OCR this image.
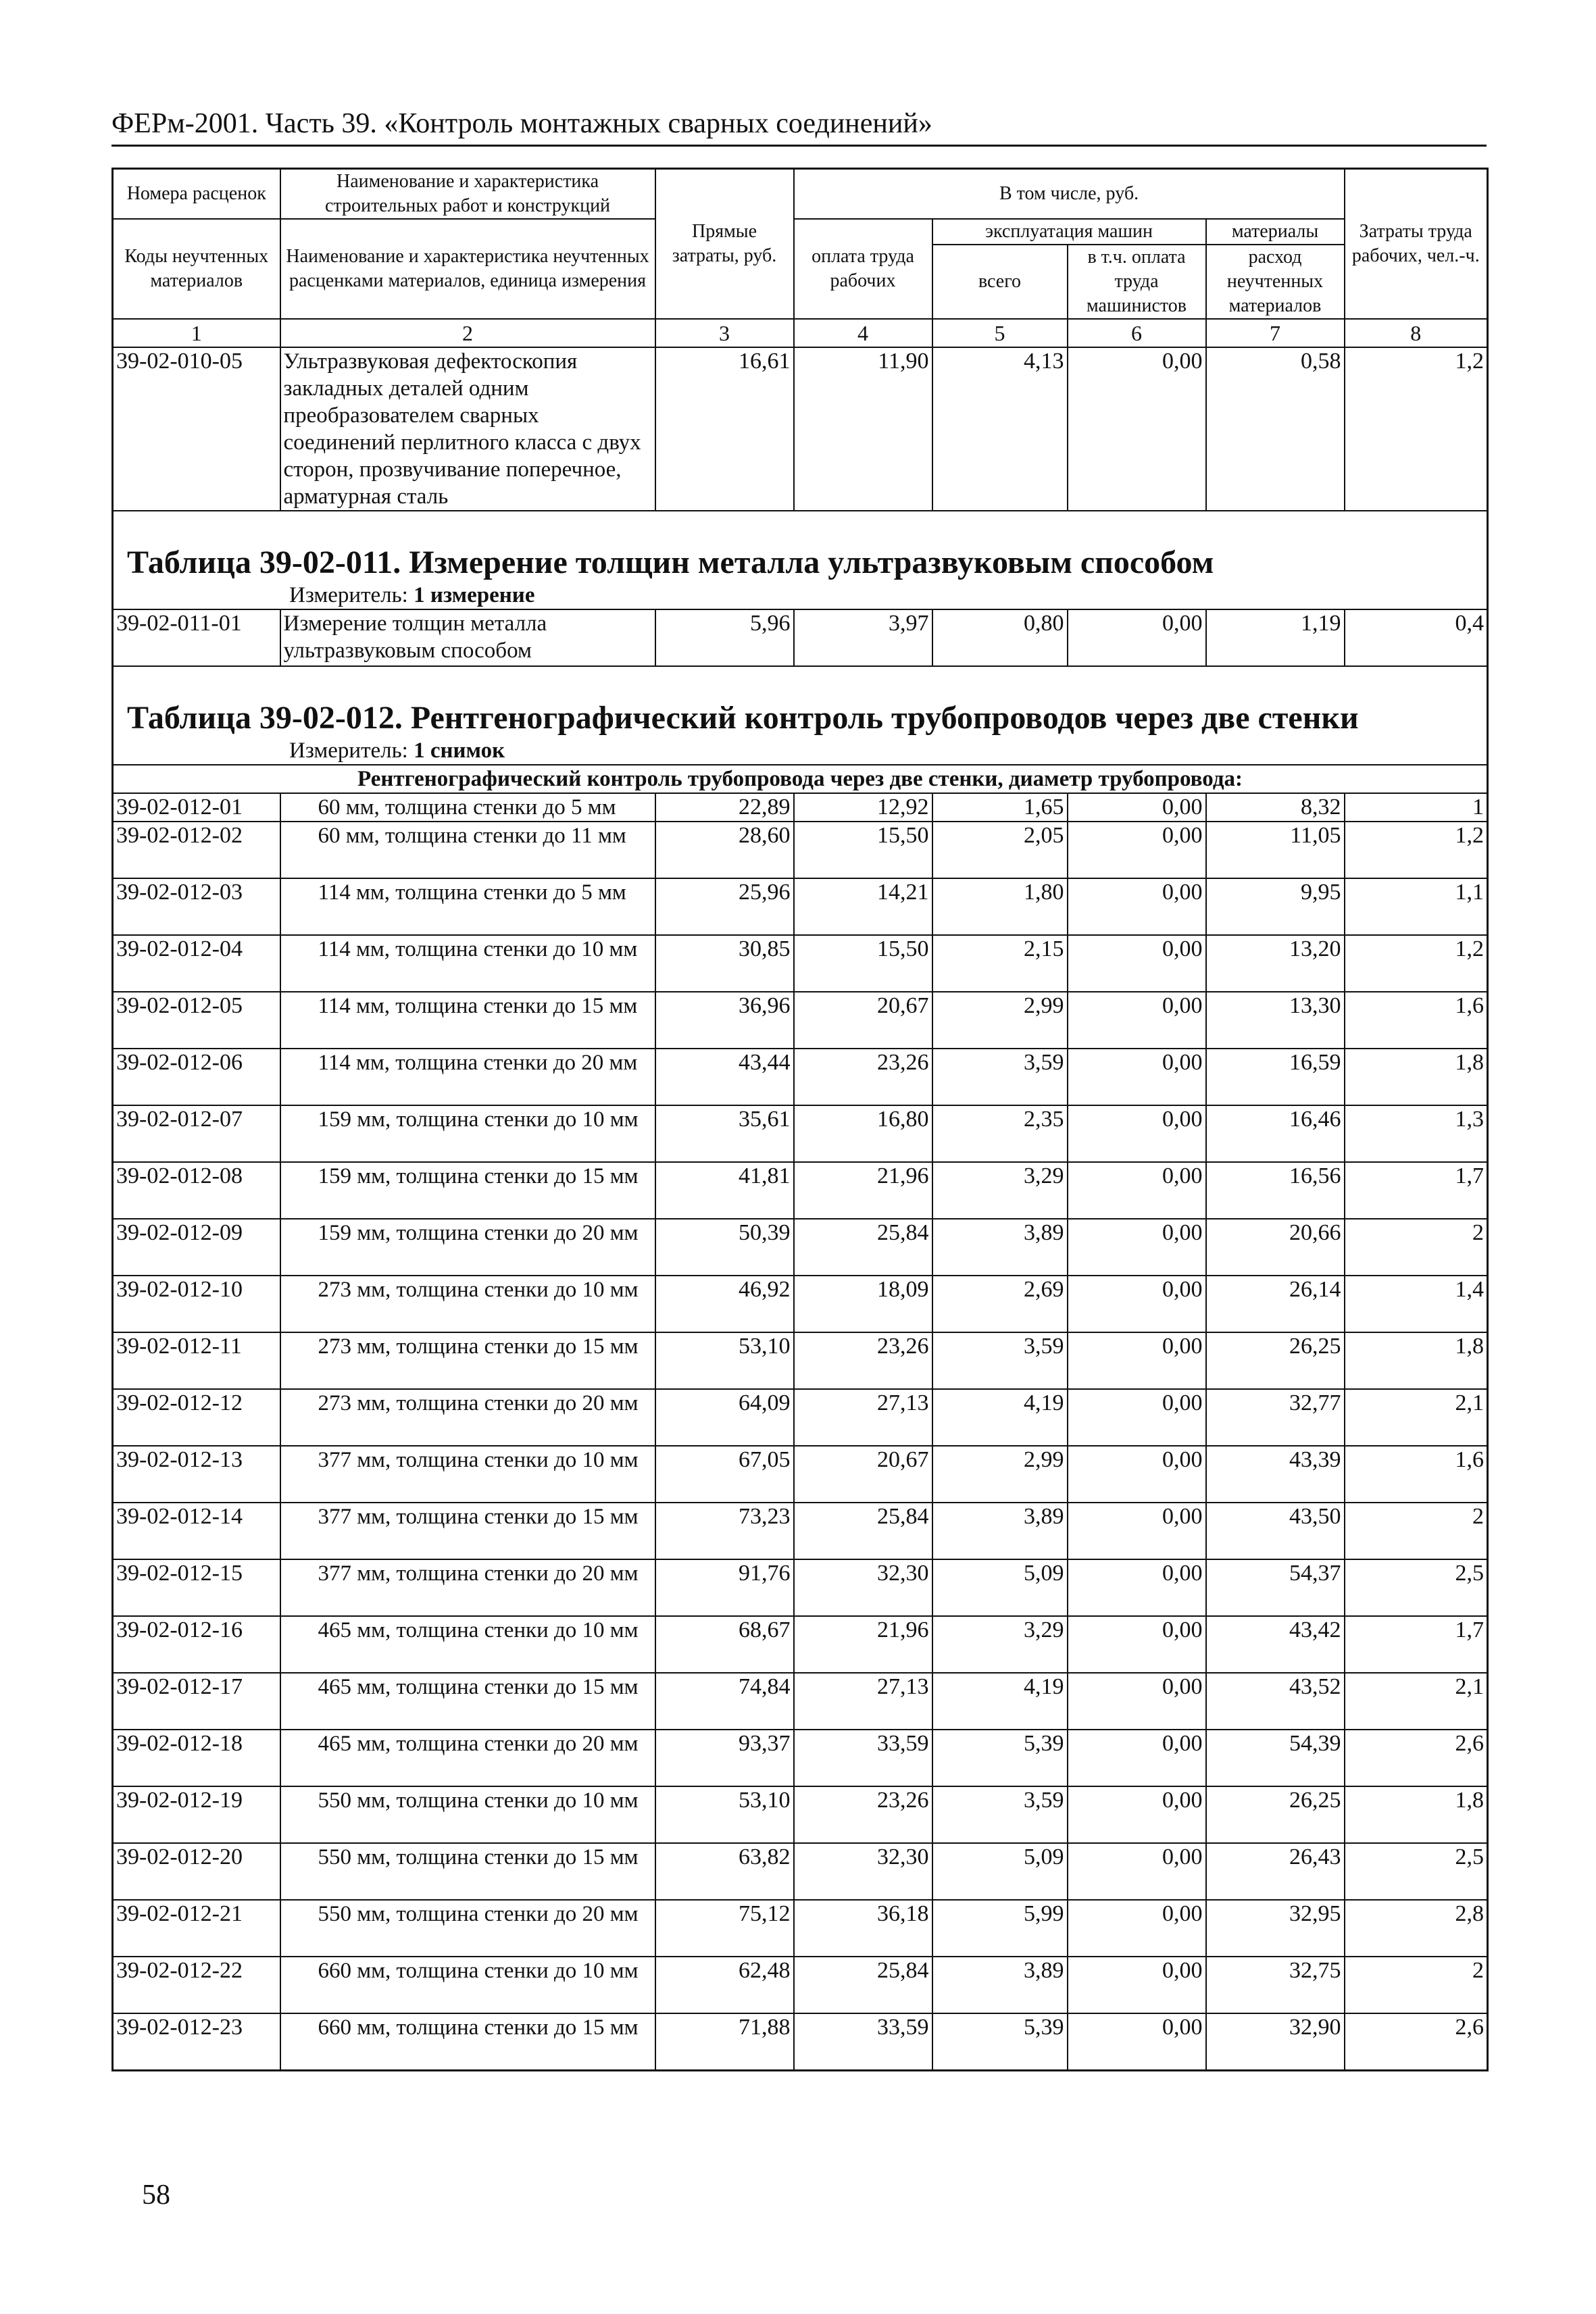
ФЕРм-2001. Часть 39. «Контроль монтажных сварных соединений»
Номера расценок	Наименование и характеристика строительных работ и конструкций	Прямые затраты, руб.	В том числе, руб.				Затраты труда рабочих, чел.-ч.
Коды неучтенных материалов	Наименование и характеристика неучтенных расценками материалов, единица измерения		оплата труда рабочих	эксплуатация машин		материалы	
				всего	в т.ч. оплата труда машинистов	расход неучтенных материалов	
1	2	3	4	5	6	7	8
39-02-010-05	Ультразвуковая дефектоскопия закладных деталей одним преобразователем сварных соединений перлитного класса с двух сторон, прозвучивание поперечное, арматурная сталь	16,61	11,90	4,13	0,00	0,58	1,2
Таблица 39-02-011. Измерение толщин металла ультразвуковым способом							
Измеритель: 1 измерение							
39-02-011-01	Измерение толщин металла ультразвуковым способом	5,96	3,97	0,80	0,00	1,19	0,4
Таблица 39-02-012. Рентгенографический контроль трубопроводов через две стенки							
Измеритель: 1 снимок							
Рентгенографический контроль трубопровода через две стенки, диаметр трубопровода:							
39-02-012-01	60 мм, толщина стенки до 5 мм	22,89	12,92	1,65	0,00	8,32	1
39-02-012-02	60 мм, толщина стенки до 11 мм	28,60	15,50	2,05	0,00	11,05	1,2
39-02-012-03	114 мм, толщина стенки до 5 мм	25,96	14,21	1,80	0,00	9,95	1,1
39-02-012-04	114 мм, толщина стенки до 10 мм	30,85	15,50	2,15	0,00	13,20	1,2
39-02-012-05	114 мм, толщина стенки до 15 мм	36,96	20,67	2,99	0,00	13,30	1,6
39-02-012-06	114 мм, толщина стенки до 20 мм	43,44	23,26	3,59	0,00	16,59	1,8
39-02-012-07	159 мм, толщина стенки до 10 мм	35,61	16,80	2,35	0,00	16,46	1,3
39-02-012-08	159 мм, толщина стенки до 15 мм	41,81	21,96	3,29	0,00	16,56	1,7
39-02-012-09	159 мм, толщина стенки до 20 мм	50,39	25,84	3,89	0,00	20,66	2
39-02-012-10	273 мм, толщина стенки до 10 мм	46,92	18,09	2,69	0,00	26,14	1,4
39-02-012-11	273 мм, толщина стенки до 15 мм	53,10	23,26	3,59	0,00	26,25	1,8
39-02-012-12	273 мм, толщина стенки до 20 мм	64,09	27,13	4,19	0,00	32,77	2,1
39-02-012-13	377 мм, толщина стенки до 10 мм	67,05	20,67	2,99	0,00	43,39	1,6
39-02-012-14	377 мм, толщина стенки до 15 мм	73,23	25,84	3,89	0,00	43,50	2
39-02-012-15	377 мм, толщина стенки до 20 мм	91,76	32,30	5,09	0,00	54,37	2,5
39-02-012-16	465 мм, толщина стенки до 10 мм	68,67	21,96	3,29	0,00	43,42	1,7
39-02-012-17	465 мм, толщина стенки до 15 мм	74,84	27,13	4,19	0,00	43,52	2,1
39-02-012-18	465 мм, толщина стенки до 20 мм	93,37	33,59	5,39	0,00	54,39	2,6
39-02-012-19	550 мм, толщина стенки до 10 мм	53,10	23,26	3,59	0,00	26,25	1,8
39-02-012-20	550 мм, толщина стенки до 15 мм	63,82	32,30	5,09	0,00	26,43	2,5
39-02-012-21	550 мм, толщина стенки до 20 мм	75,12	36,18	5,99	0,00	32,95	2,8
39-02-012-22	660 мм, толщина стенки до 10 мм	62,48	25,84	3,89	0,00	32,75	2
39-02-012-23	660 мм, толщина стенки до 15 мм	71,88	33,59	5,39	0,00	32,90	2,6
58
